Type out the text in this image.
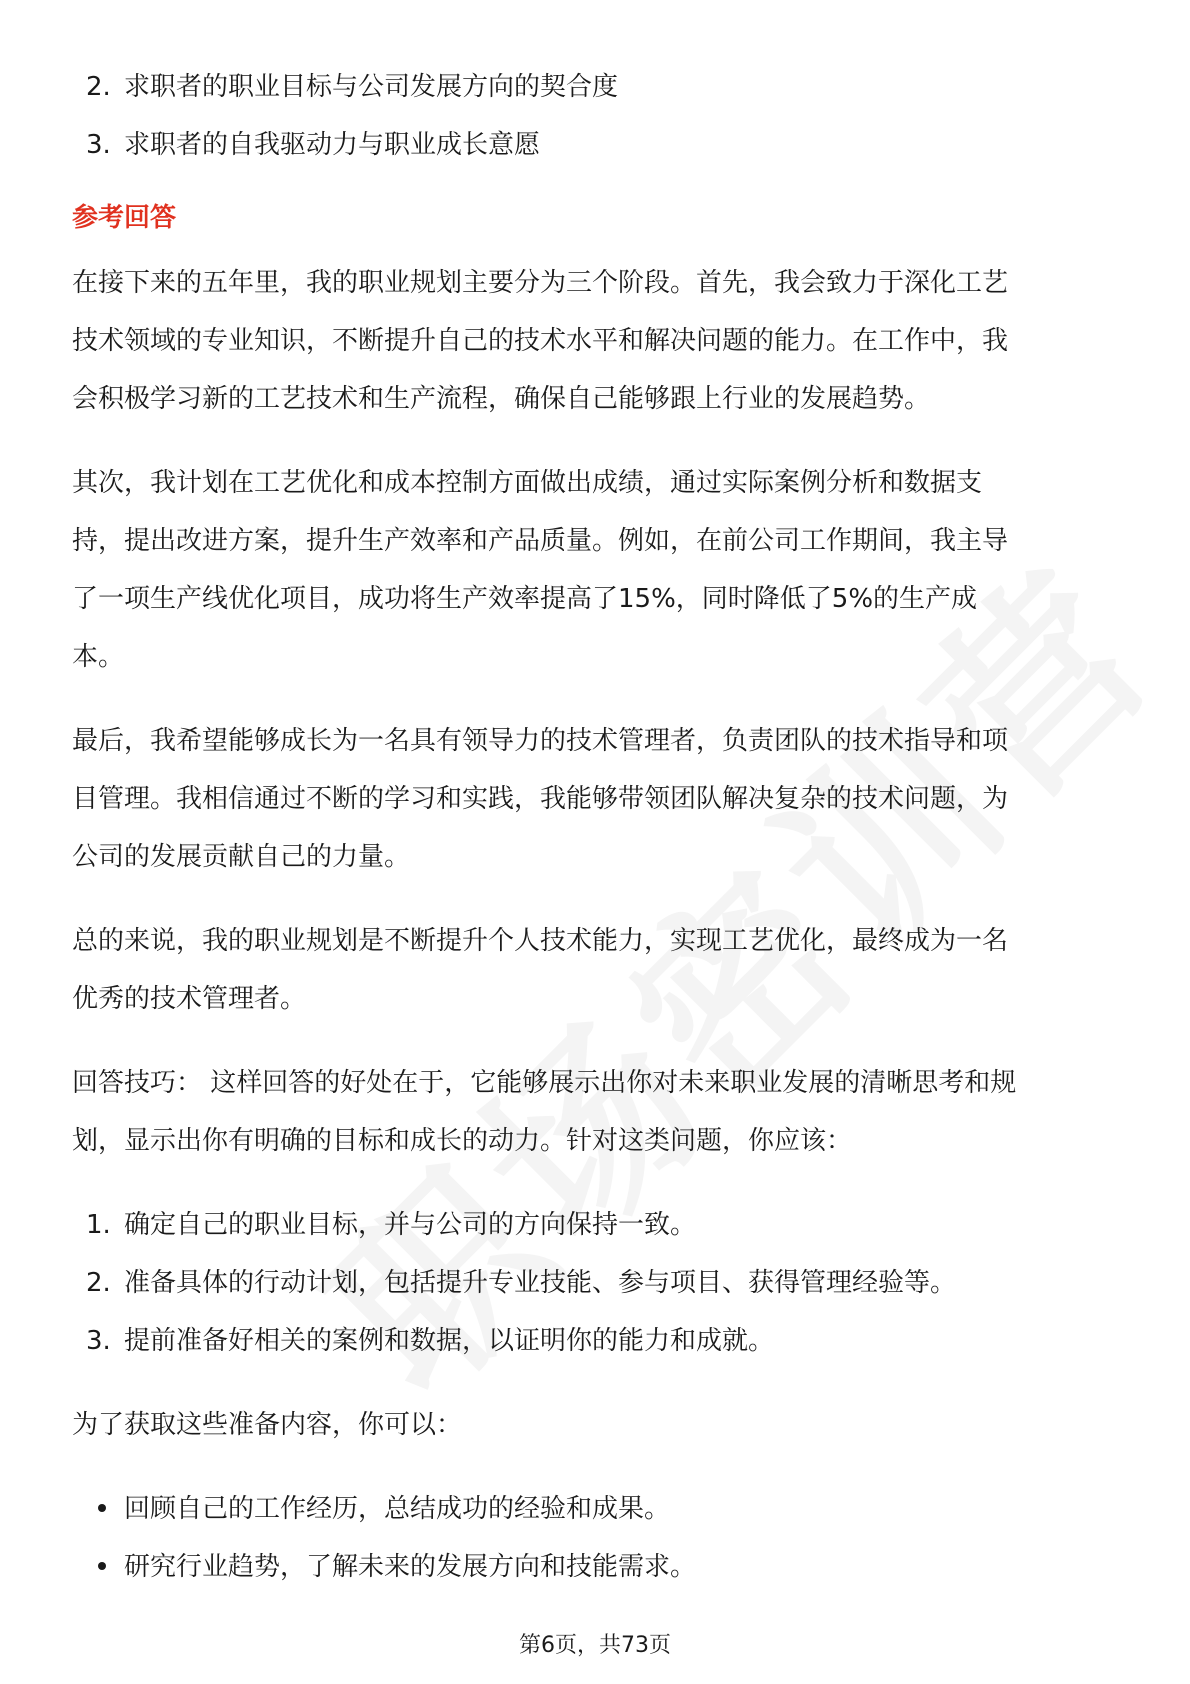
2. 求职者的职业目标与公司发展方向的契合度
3. 求职者的自我驱动力与职业成长意愿
参考回答
在接下来的五年里，我的职业规划主要分为三个阶段。首先，我会致力于深化工艺
技术领域的专业知识，不断提升自己的技术水平和解决问题的能力。在工作中，我
会积极学习新的工艺技术和生产流程，确保自己能够跟上行业的发展趋势。
其次，我计划在工艺优化和成本控制方面做出成绩，通过实际案例分析和数据支
持，提出改进方案，提升生产效率和产品质量。例如，在前公司工作期间，我主导
了一项生产线优化项目，成功将生产效率提高了15%，同时降低了5%的生产成
本。
最后，我希望能够成长为一名具有领导力的技术管理者，负责团队的技术指导和项
目管理。我相信通过不断的学习和实践，我能够带领团队解决复杂的技术问题，为
公司的发展贡献自己的力量。
总的来说，我的职业规划是不断提升个人技术能力，实现工艺优化，最终成为一名
优秀的技术管理者。
回答技巧： 这样回答的好处在于，它能够展示出你对未来职业发展的清晰思考和规
划，显示出你有明确的目标和成长的动力。针对这类问题，你应该：
1. 确定自己的职业目标，并与公司的方向保持一致。
2. 准备具体的行动计划，包括提升专业技能、参与项目、获得管理经验等。
3. 提前准备好相关的案例和数据，以证明你的能力和成就。
为了获取这些准备内容，你可以：
回顾自己的工作经历，总结成功的经验和成果。
研究行业趋势，了解未来的发展方向和技能需求。
第6页，共73页
